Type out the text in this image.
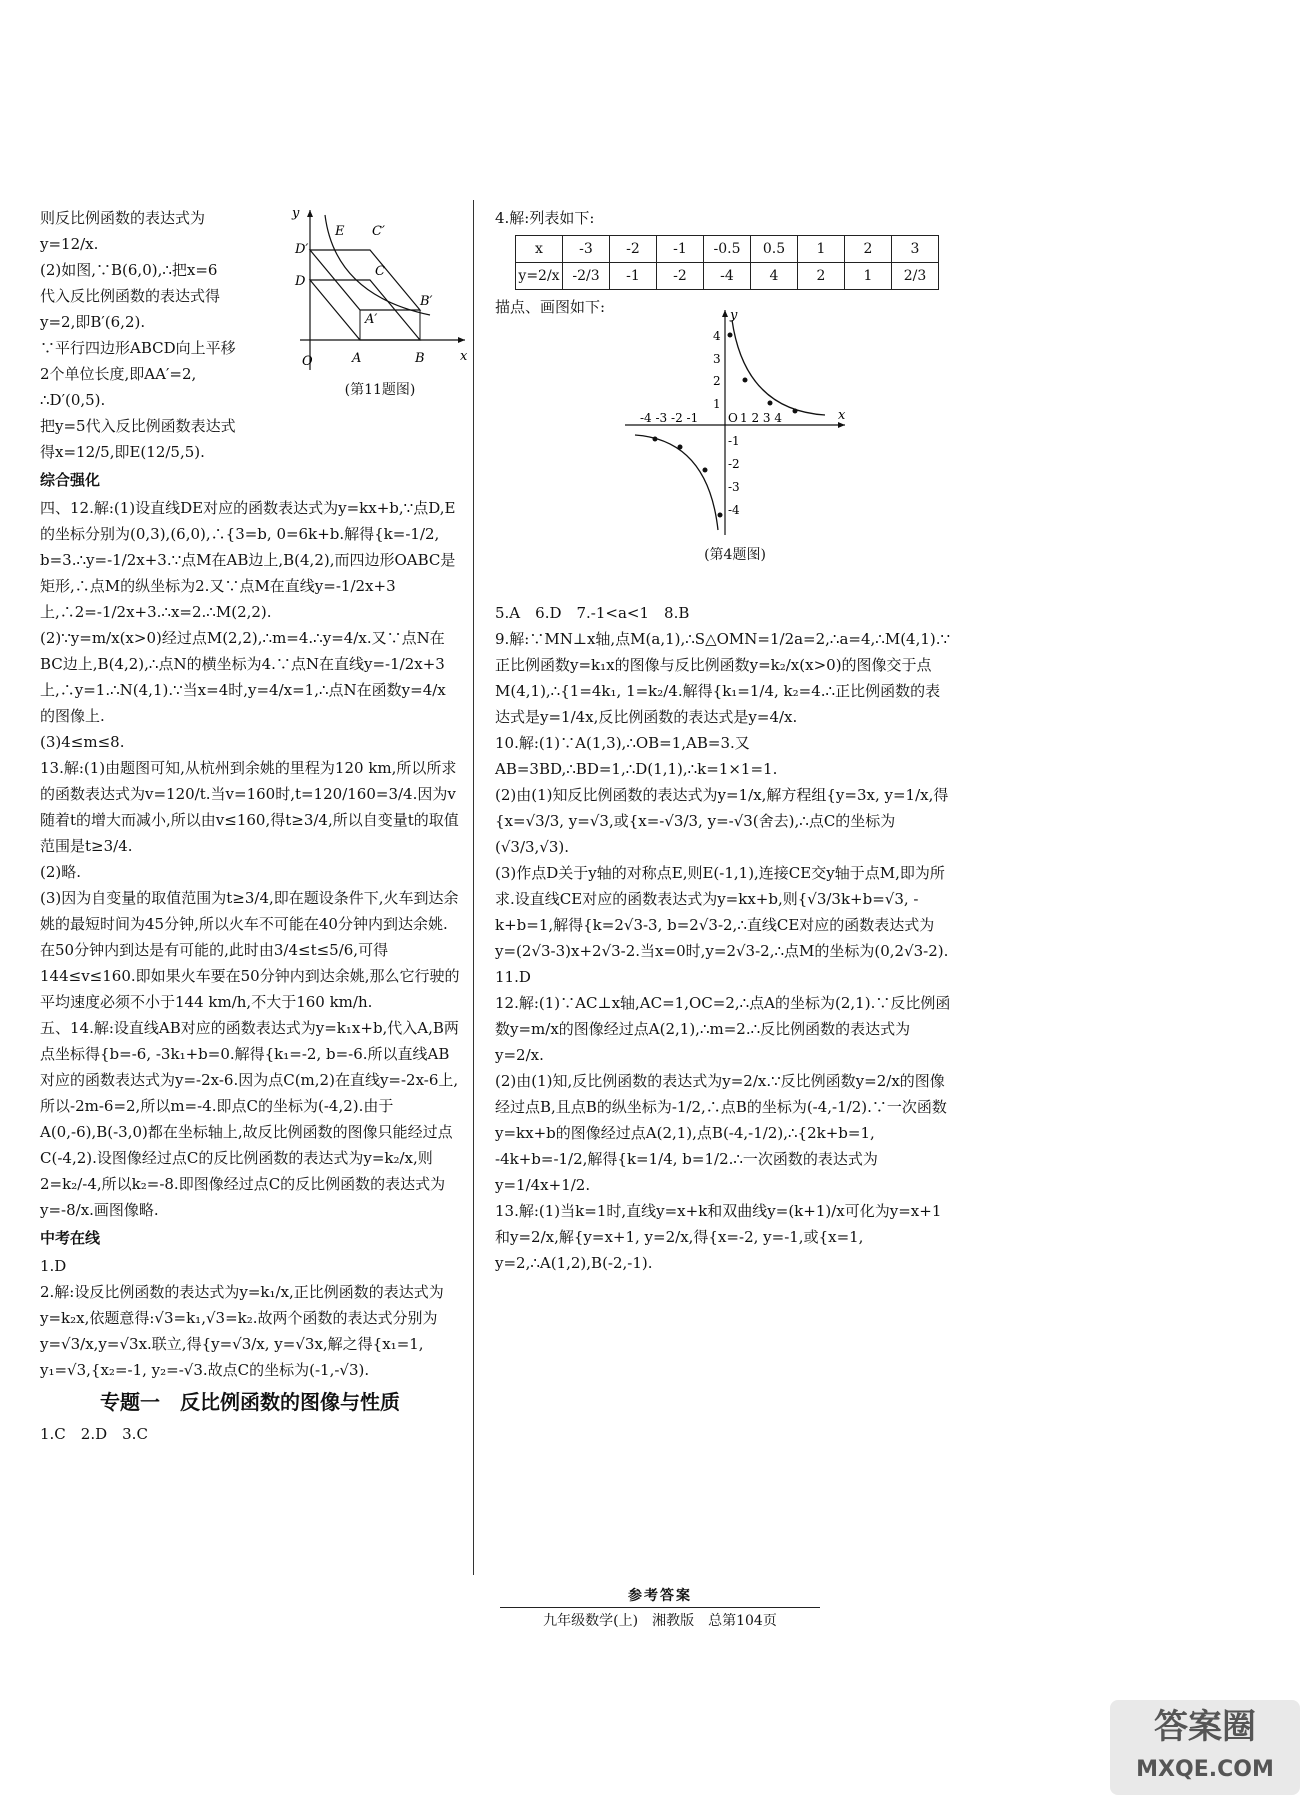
则反比例函数的表达式为

y=12/x.

(2)如图,∵B(6,0),∴把x=6

代入反比例函数的表达式得

y=2,即B′(6,2).

∵平行四边形ABCD向上平移

2个单位长度,即AA′=2,

∴D′(0,5).

把y=5代入反比例函数表达式

得x=12/5,即E(12/5,5).

综合强化

四、12.解:(1)设直线DE对应的函数表达式为y=kx+b,∵点D,E的坐标分别为(0,3),(6,0),∴{3=b, 0=6k+b.解得{k=-1/2, b=3.∴y=-1/2x+3.∵点M在AB边上,B(4,2),而四边形OABC是矩形,∴点M的纵坐标为2.又∵点M在直线y=-1/2x+3上,∴2=-1/2x+3.∴x=2.∴M(2,2).

(2)∵y=m/x(x>0)经过点M(2,2),∴m=4.∴y=4/x.又∵点N在BC边上,B(4,2),∴点N的横坐标为4.∵点N在直线y=-1/2x+3上,∴y=1.∴N(4,1).∵当x=4时,y=4/x=1,∴点N在函数y=4/x的图像上.

(3)4≤m≤8.

13.解:(1)由题图可知,从杭州到余姚的里程为120 km,所以所求的函数表达式为v=120/t.当v=160时,t=120/160=3/4.因为v随着t的增大而减小,所以由v≤160,得t≥3/4,所以自变量t的取值范围是t≥3/4.

(2)略.

(3)因为自变量的取值范围为t≥3/4,即在题设条件下,火车到达余姚的最短时间为45分钟,所以火车不可能在40分钟内到达余姚.在50分钟内到达是有可能的,此时由3/4≤t≤5/6,可得144≤v≤160.即如果火车要在50分钟内到达余姚,那么它行驶的平均速度必须不小于144 km/h,不大于160 km/h.

五、14.解:设直线AB对应的函数表达式为y=k₁x+b,代入A,B两点坐标得{b=-6, -3k₁+b=0.解得{k₁=-2, b=-6.所以直线AB对应的函数表达式为y=-2x-6.因为点C(m,2)在直线y=-2x-6上,所以-2m-6=2,所以m=-4.即点C的坐标为(-4,2).由于A(0,-6),B(-3,0)都在坐标轴上,故反比例函数的图像只能经过点C(-4,2).设图像经过点C的反比例函数的表达式为y=k₂/x,则2=k₂/-4,所以k₂=-8.即图像经过点C的反比例函数的表达式为y=-8/x.画图像略.

中考在线

1.D

2.解:设反比例函数的表达式为y=k₁/x,正比例函数的表达式为y=k₂x,依题意得:√3=k₁,√3=k₂.故两个函数的表达式分别为y=√3/x,y=√3x.联立,得{y=√3/x, y=√3x,解之得{x₁=1, y₁=√3,{x₂=-1, y₂=-√3.故点C的坐标为(-1,-√3).

专题一　反比例函数的图像与性质

1.C　2.D　3.C

O
y
x
D′
D
E C′
C
A′
B′
A	B
(第11题图)

4.解:列表如下:

x	-3	-2	-1	-0.5	0.5	1	2	3
y=2/x	-2/3	-1	-2	-4	4	2	1	2/3

描点、画图如下:

5.A　6.D　7.-1<a<1　8.B

9.解:∵MN⊥x轴,点M(a,1),∴S△OMN=1/2a=2,∴a=4,∴M(4,1).∵正比例函数y=k₁x的图像与反比例函数y=k₂/x(x>0)的图像交于点M(4,1),∴{1=4k₁, 1=k₂/4.解得{k₁=1/4, k₂=4.∴正比例函数的表达式是y=1/4x,反比例函数的表达式是y=4/x.

10.解:(1)∵A(1,3),∴OB=1,AB=3.又AB=3BD,∴BD=1,∴D(1,1),∴k=1×1=1.

(2)由(1)知反比例函数的表达式为y=1/x,解方程组{y=3x, y=1/x,得{x=√3/3, y=√3,或{x=-√3/3, y=-√3(舍去),∴点C的坐标为(√3/3,√3).

(3)作点D关于y轴的对称点E,则E(-1,1),连接CE交y轴于点M,即为所求.设直线CE对应的函数表达式为y=kx+b,则{√3/3k+b=√3, -k+b=1,解得{k=2√3-3, b=2√3-2,∴直线CE对应的函数表达式为y=(2√3-3)x+2√3-2.当x=0时,y=2√3-2,∴点M的坐标为(0,2√3-2).

11.D

12.解:(1)∵AC⊥x轴,AC=1,OC=2,∴点A的坐标为(2,1).∵反比例函数y=m/x的图像经过点A(2,1),∴m=2.∴反比例函数的表达式为y=2/x.

(2)由(1)知,反比例函数的表达式为y=2/x.∵反比例函数y=2/x的图像经过点B,且点B的纵坐标为-1/2,∴点B的坐标为(-4,-1/2).∵一次函数y=kx+b的图像经过点A(2,1),点B(-4,-1/2),∴{2k+b=1, -4k+b=-1/2,解得{k=1/4, b=1/2.∴一次函数的表达式为y=1/4x+1/2.

13.解:(1)当k=1时,直线y=x+k和双曲线y=(k+1)/x可化为y=x+1和y=2/x,解{y=x+1, y=2/x,得{x=-2, y=-1,或{x=1, y=2,∴A(1,2),B(-2,-1).

y
x
O
4
3
2
1
1 2 3 4
-4 -3 -2 -1
-1
-2
-3
-4
(第4题图)
参考答案
九年级数学(上)　湘教版　总第104页
答案圈
MXQE.COM
